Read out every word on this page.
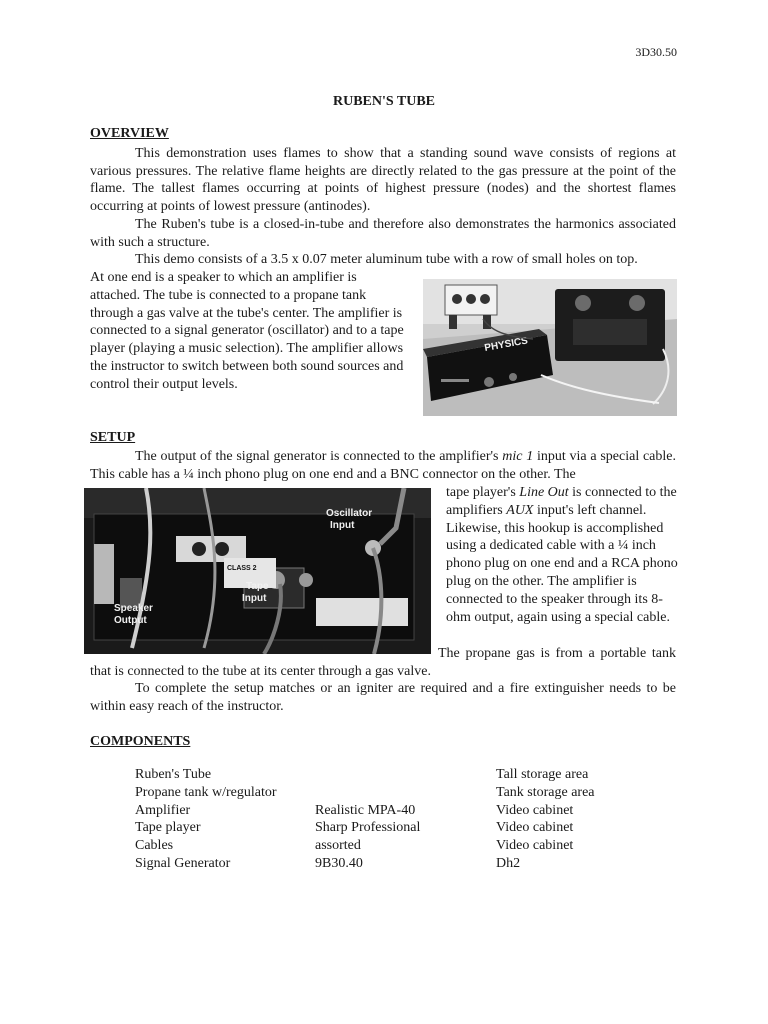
3D30.50
RUBEN'S TUBE
OVERVIEW

This demonstration uses flames to show that a standing sound wave consists of regions at various pressures. The relative flame heights are directly related to the gas pressure at the point of the flame. The tallest flames occurring at points of highest pressure (nodes) and the shortest flames occurring at points of lowest pressure (antinodes).

The Ruben's tube is a closed-in-tube and therefore also demonstrates the harmonics associated with such a structure.

This demo consists of a 3.5 x 0.07 meter aluminum tube with a row of small holes on top.

At one end is a speaker to which an amplifier is attached. The tube is connected to a propane tank through a gas valve at the tube's center. The amplifier is connected to a signal generator (oscillator) and to a tape player (playing a music selection). The amplifier allows the instructor to switch between both sound sources and control their output levels.

PHYSICS
SETUP

The output of the signal generator is connected to the amplifier's mic 1 input via a special cable. This cable has a ¼ inch phono plug on one end and a BNC connector on the other. The

tape player's Line Out is connected to the amplifiers AUX input's left channel. Likewise, this hookup is accomplished using a dedicated cable with a ¼ inch phono plug on one end and a RCA phono plug on the other. The amplifier is connected to the speaker through its 8-ohm output, again using a special cable.

CLASS 2
Oscillator
Input
Tape
Input
Speaker
Output

The propane gas is from a portable tank that is connected to the tube at its center through a gas valve.

To complete the setup matches or an igniter are required and a fire extinguisher needs to be within easy reach of the instructor.

COMPONENTS
Ruben's Tube		Tall storage area
Propane tank w/regulator		Tank storage area
Amplifier	Realistic MPA-40	Video cabinet
Tape player	Sharp Professional	Video cabinet
Cables	assorted	Video cabinet
Signal Generator	9B30.40	Dh2
